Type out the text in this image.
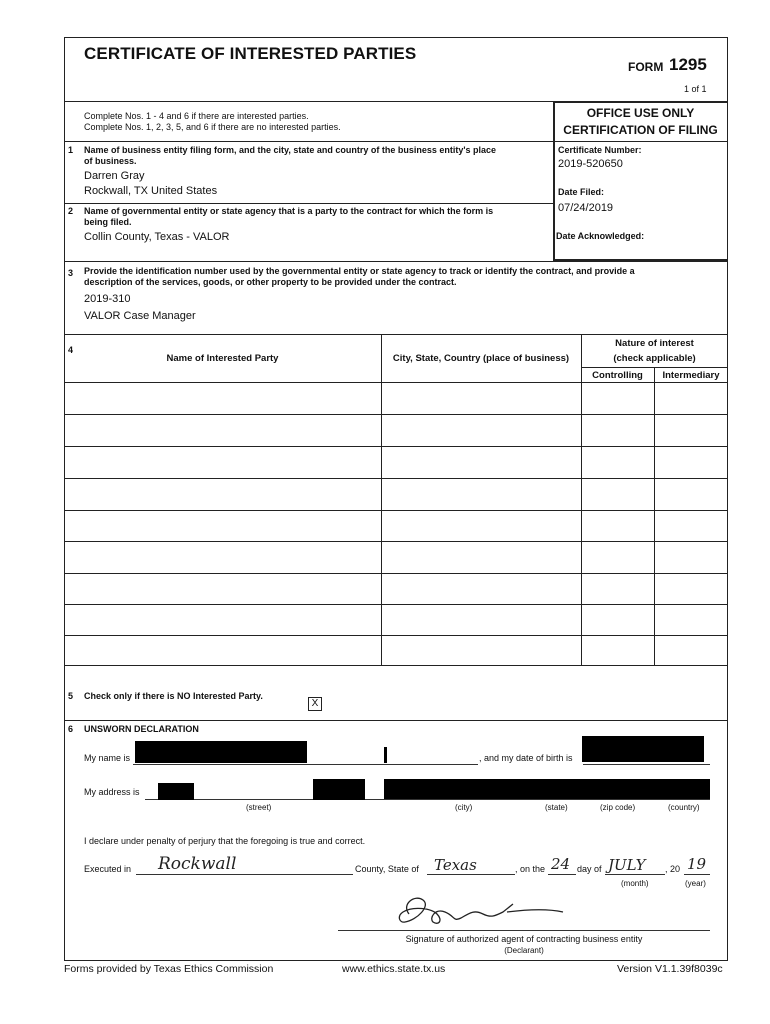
CERTIFICATE OF INTERESTED PARTIES
FORM 1295
1 of 1
Complete Nos. 1 - 4 and 6 if there are interested parties.
Complete Nos. 1, 2, 3, 5, and 6 if there are no interested parties.
OFFICE USE ONLY
CERTIFICATION OF FILING
Certificate Number:
2019-520650
Date Filed:
07/24/2019
Date Acknowledged:
1 Name of business entity filing form, and the city, state and country of the business entity's place
of business.
Darren Gray
Rockwall, TX United States
2 Name of governmental entity or state agency that is a party to the contract for which the form is
being filed.
Collin County, Texas - VALOR
3 Provide the identification number used by the governmental entity or state agency to track or identify the contract, and provide a
description of the services, goods, or other property to be provided under the contract.
2019-310
VALOR Case Manager
4
Name of Interested Party	City, State, Country (place of business)
Nature of interest
(check applicable)
Controlling	Intermediary
5 Check only if there is NO Interested Party.
X
6 UNSWORN DECLARATION
My name is	, and my date of birth is
My address is
(street)	(city)	(state)	(zip code)	(country)
I declare under penalty of perjury that the foregoing is true and correct.
Executed in Rockwall	County, State of Texas	, on the 24 day of JULY , 20 19
(month)	(year)
Signature of authorized agent of contracting business entity
(Declarant)
Forms provided by Texas Ethics Commission	www.ethics.state.tx.us	Version V1.1.39f8039c
